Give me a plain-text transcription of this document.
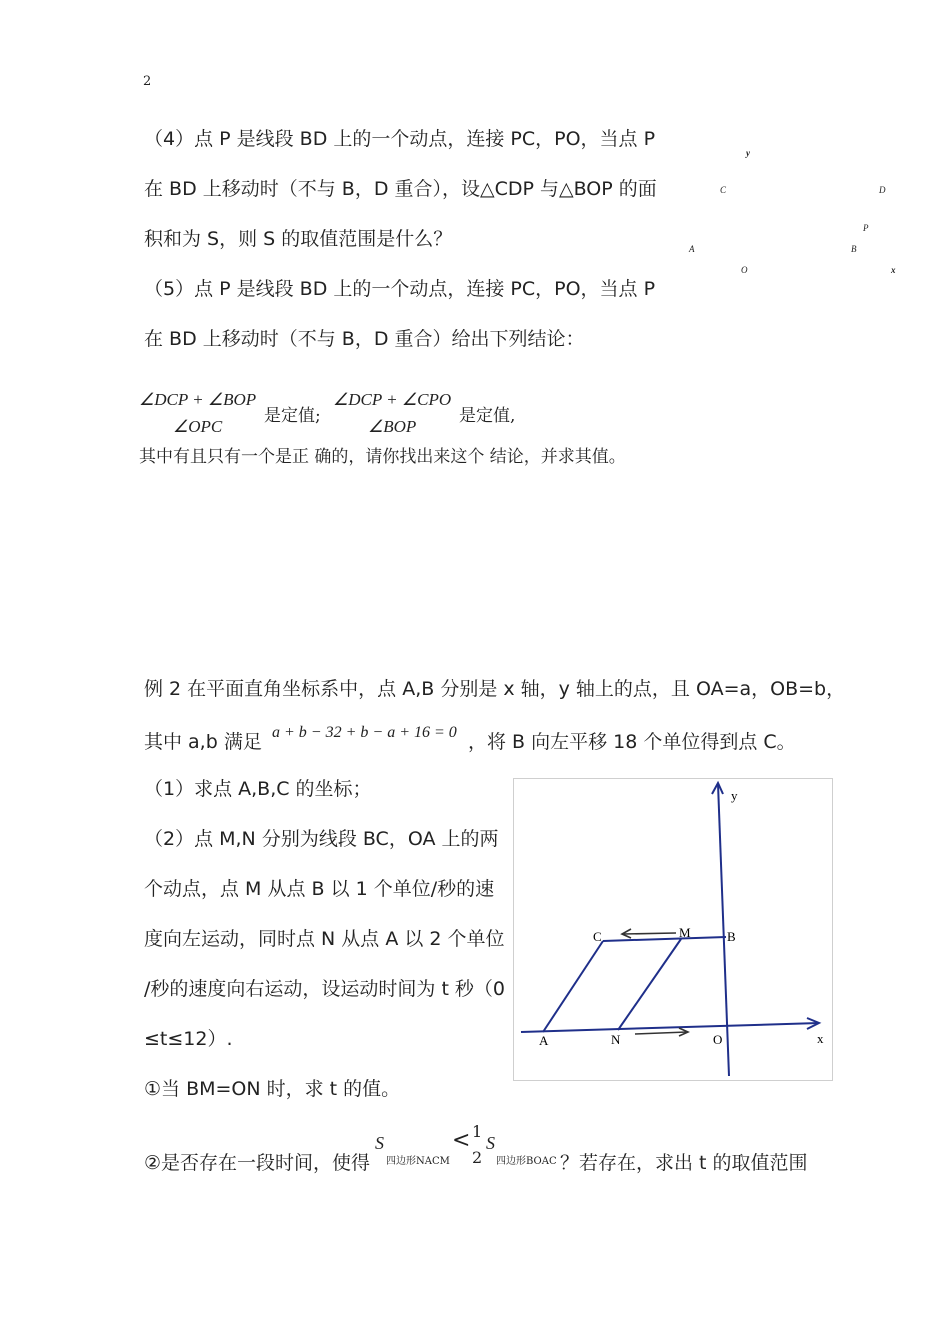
2
（4）点 P 是线段 BD 上的一个动点，连接 PC，PO，当点 P
在 BD 上移动时（不与 B，D 重合），设△CDP 与△BOP 的面
积和为 S，则 S 的取值范围是什么？
（5）点 P 是线段 BD 上的一个动点，连接 PC，PO，当点 P
在 BD 上移动时（不与 B，D 重合）给出下列结论：
y
C	D
P
A	B
O	x
∠DCP + ∠BOP
∠OPC
是定值;
∠DCP + ∠CPO
∠BOP
是定值,
其中有且只有一个是正 确的，请你找出来这个 结论，并求其值。
例 2 在平面直角坐标系中，点 A,B 分别是 x 轴，y 轴上的点，且 OA=a，OB=b，
其中 a,b 满足 a + b − 32 + b − a + 16 = 0 ，将 B 向左平移 18 个单位得到点 C。
（1）求点 A,B,C 的坐标；
（2）点 M,N 分别为线段 BC，OA 上的两
个动点，点 M 从点 B 以 1 个单位/秒的速
度向左运动，同时点 N 从点 A 以 2 个单位
/秒的速度向右运动，设运动时间为 t 秒（0
≤t≤12）.
①当 BM=ON 时，求 t 的值。
②是否存在一段时间，使得
S
四边形NACM
< 1
2
S
四边形BOAC ？若存在，求出 t 的取值范围
y
x
C	M	B
A	N	O
